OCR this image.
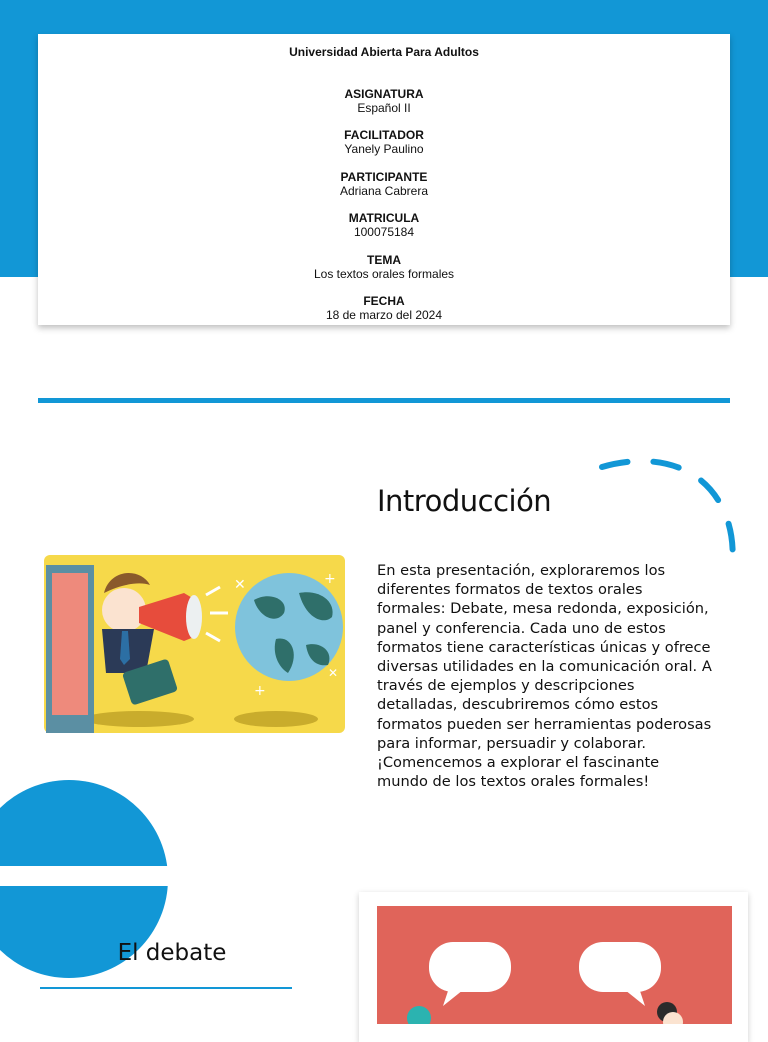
Universidad Abierta Para Adultos
ASIGNATURA
Español II
FACILITADOR
Yanely Paulino
PARTICIPANTE
Adriana Cabrera
MATRICULA
100075184
TEMA
Los textos orales formales
FECHA
18 de marzo del 2024
Introducción
En esta presentación, exploraremos los diferentes formatos de textos orales formales: Debate, mesa redonda, exposición, panel y conferencia. Cada uno de estos formatos tiene características únicas y ofrece diversas utilidades en la comunicación oral. A través de ejemplos y descripciones detalladas, descubriremos cómo estos formatos pueden ser herramientas poderosas para informar, persuadir y colaborar. ¡Comencemos a explorar el fascinante mundo de los textos orales formales!
✕	+
+
✕
El debate
